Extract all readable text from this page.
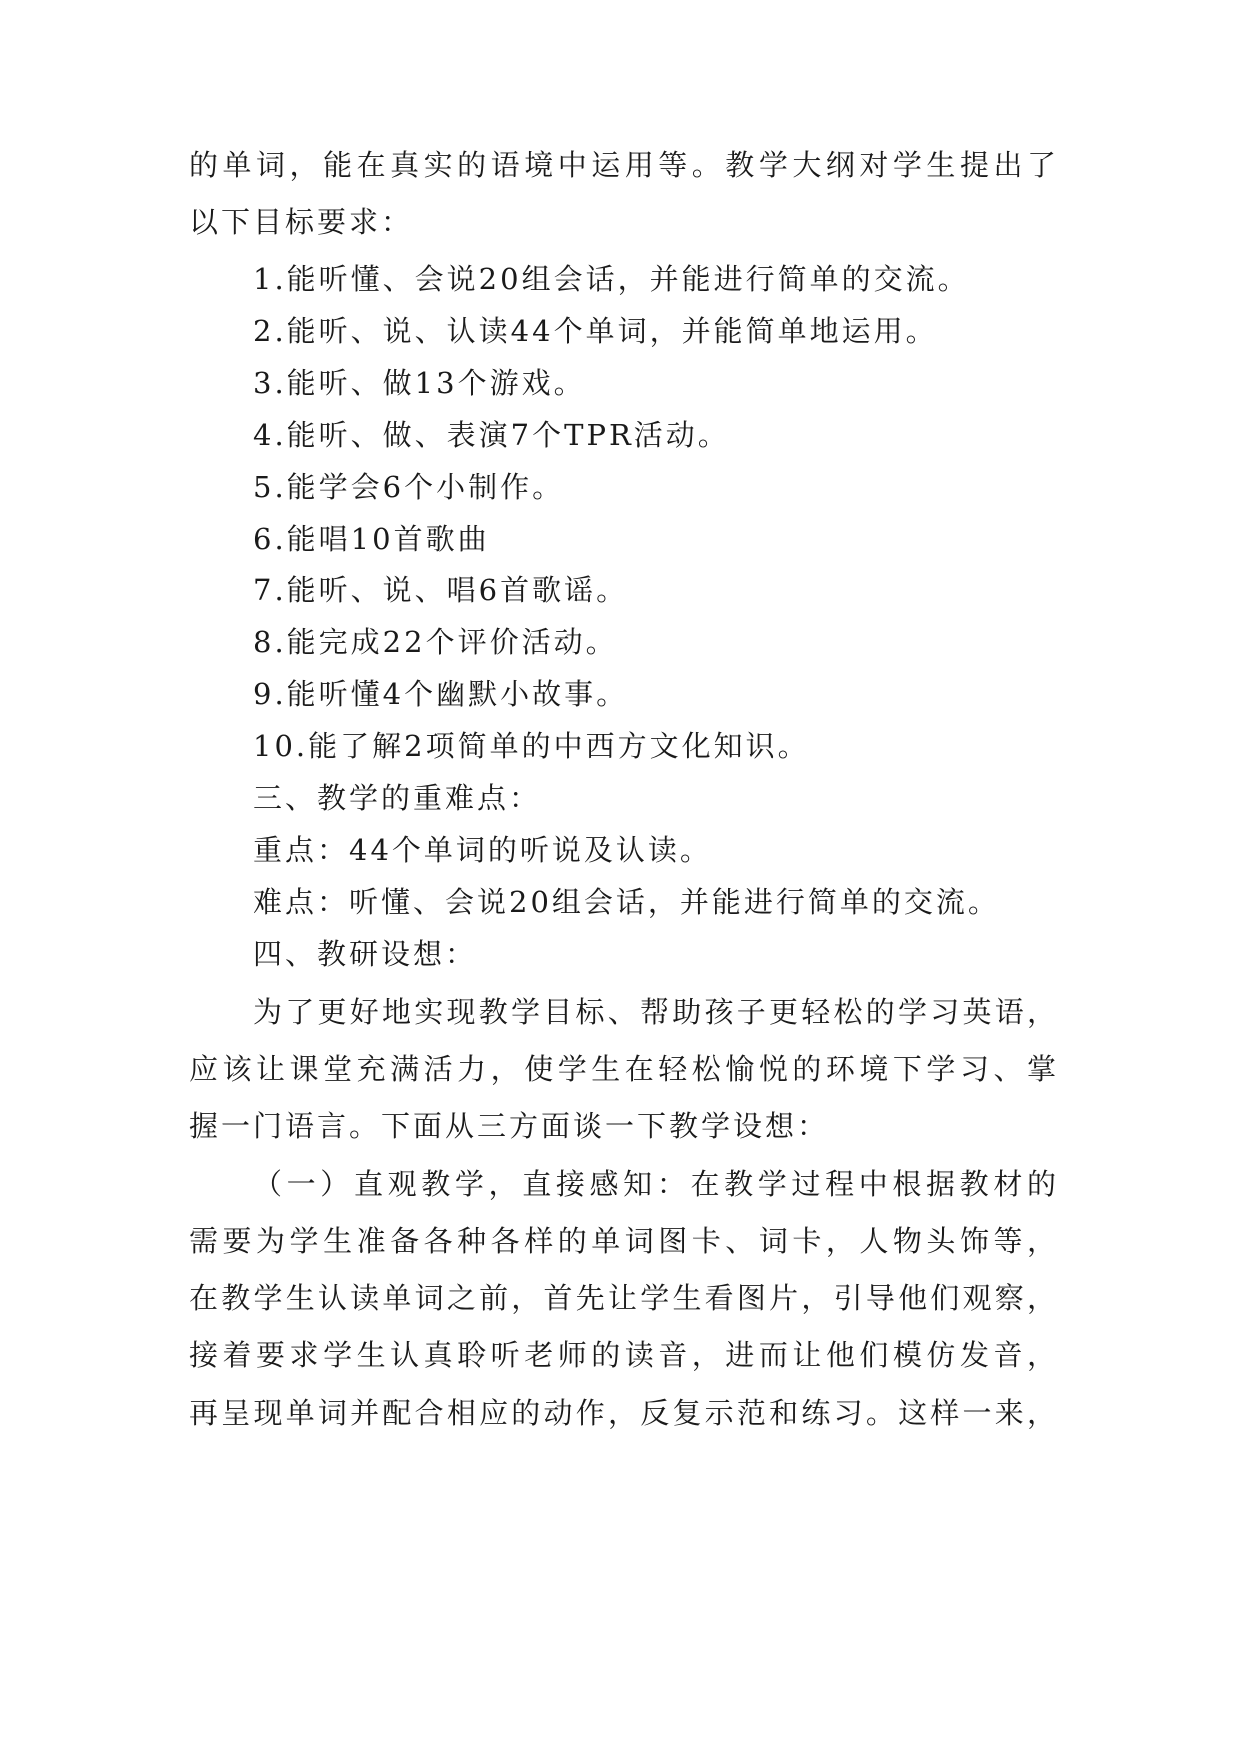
的单词，能在真实的语境中运用等。教学大纲对学生提出了
以下目标要求：
1.能听懂、会说20组会话，并能进行简单的交流。
2.能听、说、认读44个单词，并能简单地运用。
3.能听、做13个游戏。
4.能听、做、表演7个TPR活动。
5.能学会6个小制作。
6.能唱10首歌曲
7.能听、说、唱6首歌谣。
8.能完成22个评价活动。
9.能听懂4个幽默小故事。
10.能了解2项简单的中西方文化知识。
三、教学的重难点：
重点：44个单词的听说及认读。
难点：听懂、会说20组会话，并能进行简单的交流。
四、教研设想：
为了更好地实现教学目标、帮助孩子更轻松的学习英语，
应该让课堂充满活力，使学生在轻松愉悦的环境下学习、掌
握一门语言。下面从三方面谈一下教学设想：
（一）直观教学，直接感知：在教学过程中根据教材的
需要为学生准备各种各样的单词图卡、词卡，人物头饰等，
在教学生认读单词之前，首先让学生看图片，引导他们观察，
接着要求学生认真聆听老师的读音，进而让他们模仿发音，
再呈现单词并配合相应的动作，反复示范和练习。这样一来，
